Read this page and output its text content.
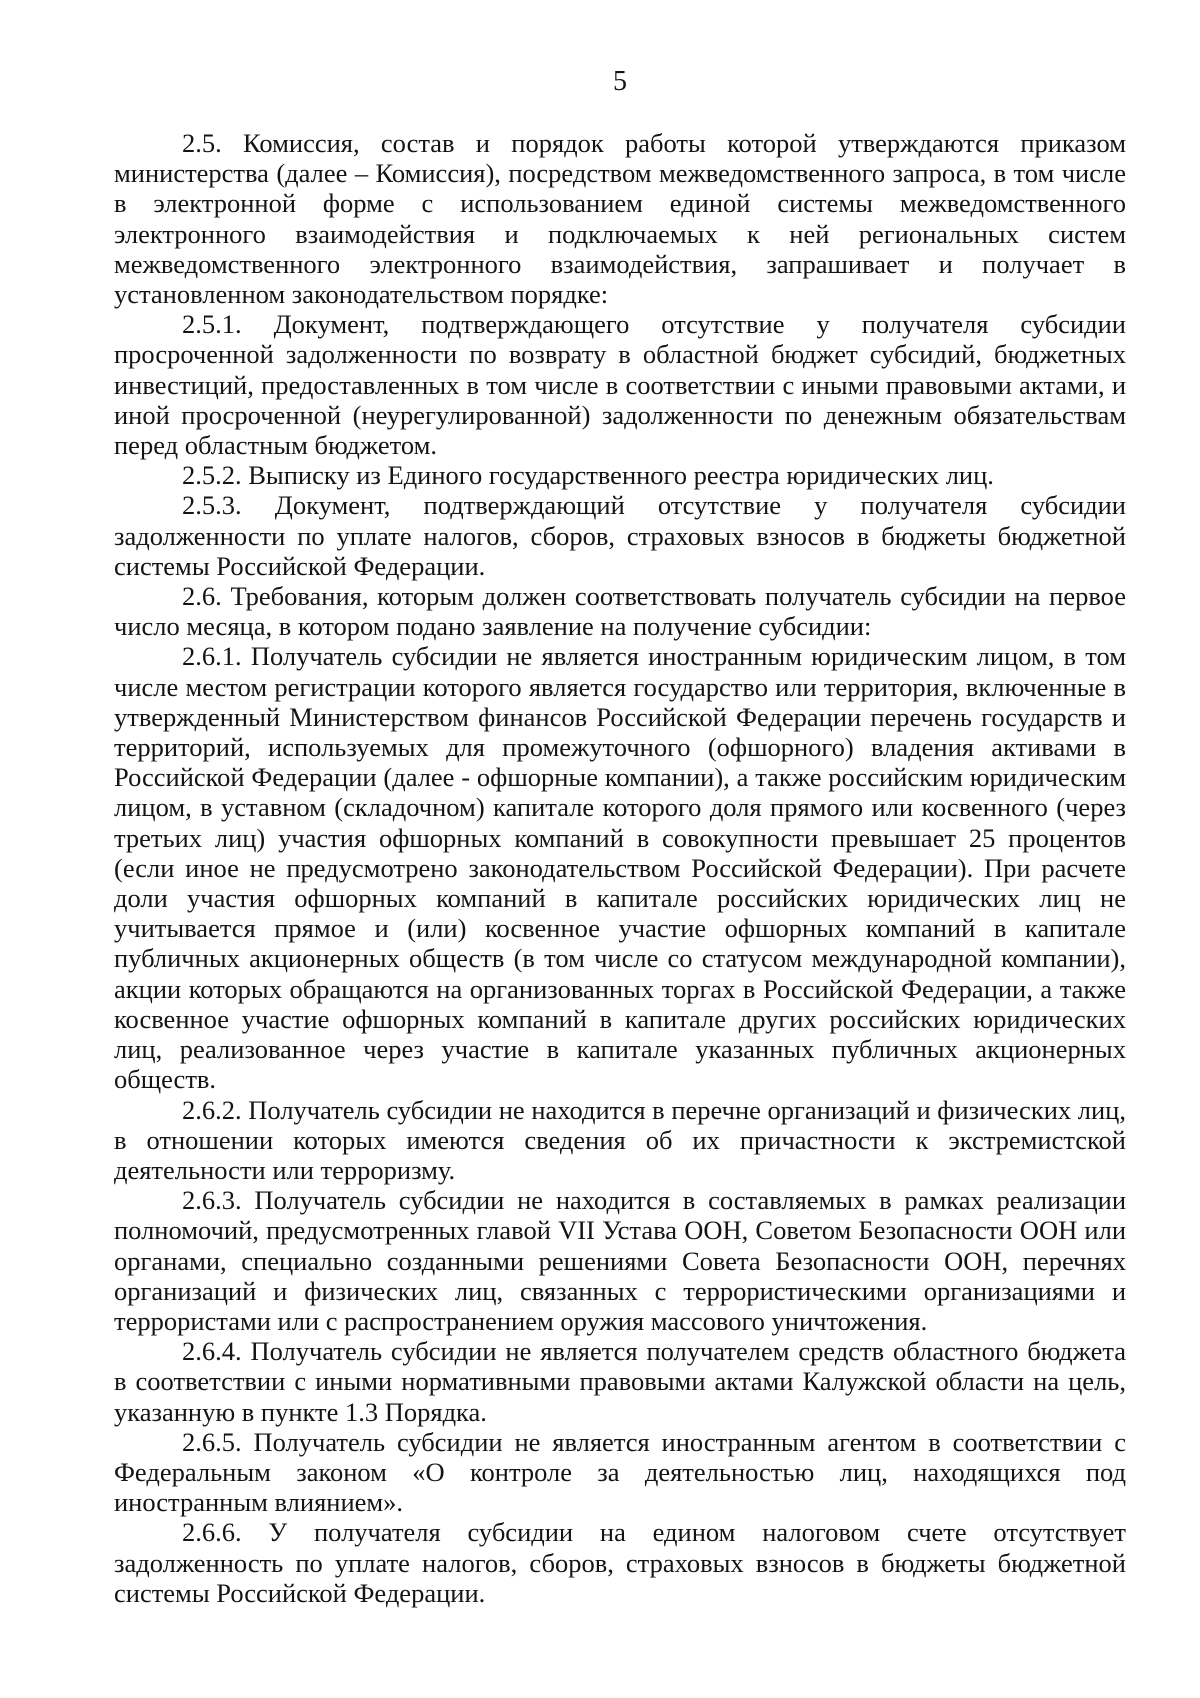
5

2.5. Комиссия, состав и порядок работы которой утверждаются приказом министерства (далее – Комиссия), посредством межведомственного запроса, в том числе в электронной форме с использованием единой системы межведомственного электронного взаимодействия и подключаемых к ней региональных систем межведомственного электронного взаимодействия, запрашивает и получает в установленном законодательством порядке:

2.5.1. Документ, подтверждающего отсутствие у получателя субсидии просроченной задолженности по возврату в областной бюджет субсидий, бюджетных инвестиций, предоставленных в том числе в соответствии с иными правовыми актами, и иной просроченной (неурегулированной) задолженности по денежным обязательствам перед областным бюджетом.

2.5.2. Выписку из Единого государственного реестра юридических лиц.

2.5.3. Документ, подтверждающий отсутствие у получателя субсидии задолженности по уплате налогов, сборов, страховых взносов в бюджеты бюджетной системы Российской Федерации.

2.6. Требования, которым должен соответствовать получатель субсидии на первое число месяца, в котором подано заявление на получение субсидии:

2.6.1. Получатель субсидии не является иностранным юридическим лицом, в том числе местом регистрации которого является государство или территория, включенные в утвержденный Министерством финансов Российской Федерации перечень государств и территорий, используемых для промежуточного (офшорного) владения активами в Российской Федерации (далее - офшорные компании), а также российским юридическим лицом, в уставном (складочном) капитале которого доля прямого или косвенного (через третьих лиц) участия офшорных компаний в совокупности превышает 25 процентов (если иное не предусмотрено законодательством Российской Федерации). При расчете доли участия офшорных компаний в капитале российских юридических лиц не учитывается прямое и (или) косвенное участие офшорных компаний в капитале публичных акционерных обществ (в том числе со статусом международной компании), акции которых обращаются на организованных торгах в Российской Федерации, а также косвенное участие офшорных компаний в капитале других российских юридических лиц, реализованное через участие в капитале указанных публичных акционерных обществ.

2.6.2. Получатель субсидии не находится в перечне организаций и физических лиц, в отношении которых имеются сведения об их причастности к экстремистской деятельности или терроризму.

2.6.3. Получатель субсидии не находится в составляемых в рамках реализации полномочий, предусмотренных главой VII Устава ООН, Советом Безопасности ООН или органами, специально созданными решениями Совета Безопасности ООН, перечнях организаций и физических лиц, связанных с террористическими организациями и террористами или с распространением оружия массового уничтожения.

2.6.4. Получатель субсидии не является получателем средств областного бюджета в соответствии с иными нормативными правовыми актами Калужской области на цель, указанную в пункте 1.3 Порядка.

2.6.5. Получатель субсидии не является иностранным агентом в соответствии с Федеральным законом «О контроле за деятельностью лиц, находящихся под иностранным влиянием».

2.6.6. У получателя субсидии на едином налоговом счете отсутствует задолженность по уплате налогов, сборов, страховых взносов в бюджеты бюджетной системы Российской Федерации.
